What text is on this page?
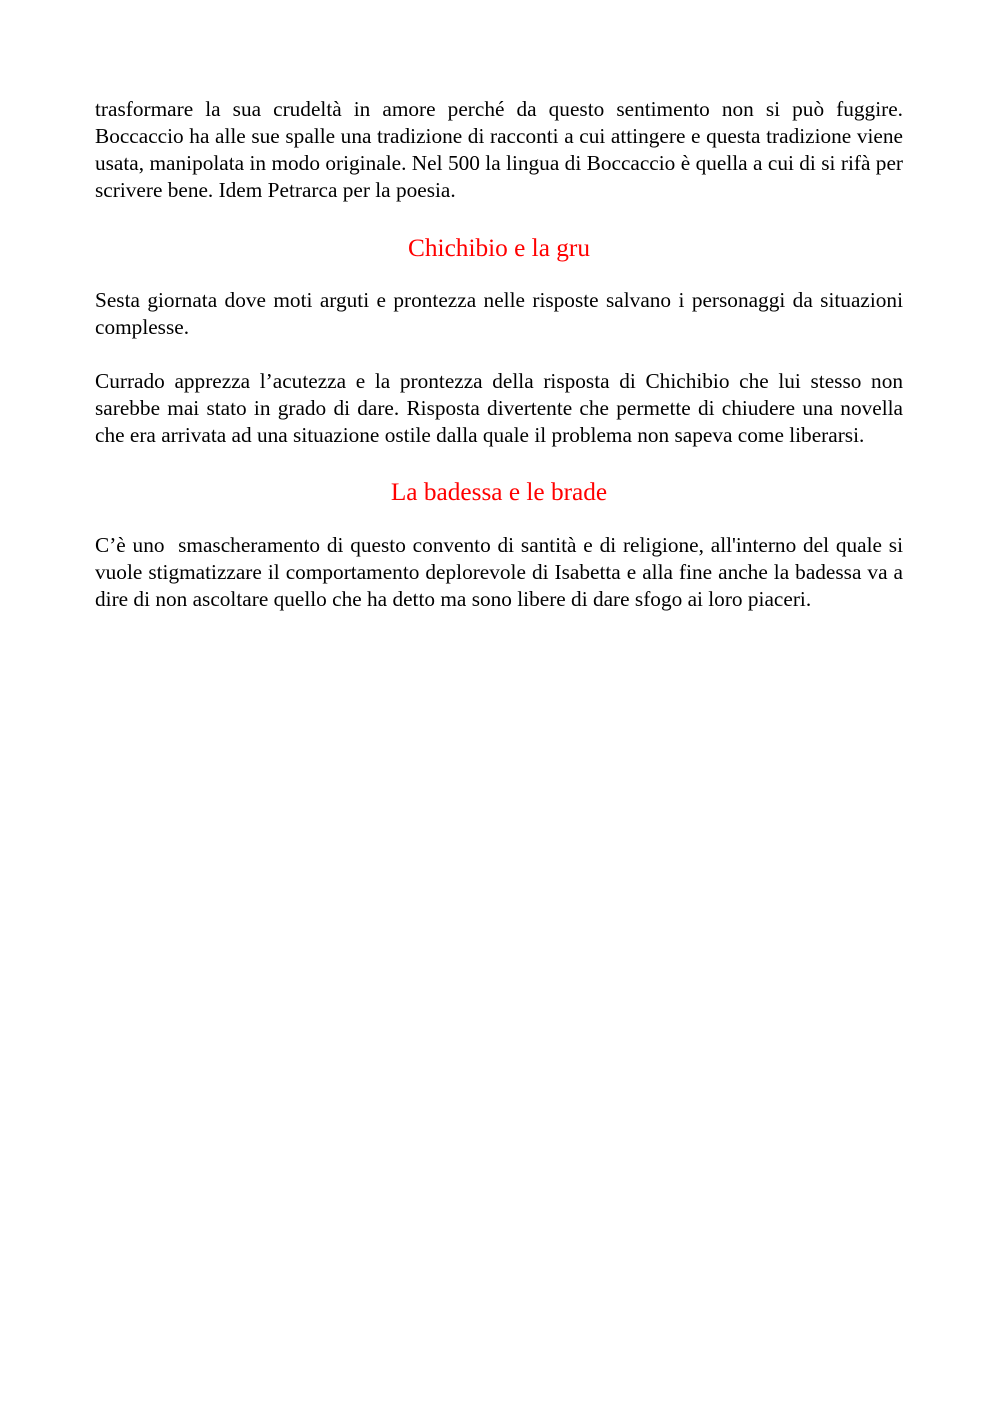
trasformare la sua crudeltà in amore perché da questo sentimento non si può fuggire. Boccaccio ha alle sue spalle una tradizione di racconti a cui attingere e questa tradizione viene usata, manipolata in modo originale. Nel 500 la lingua di Boccaccio è quella a cui di si rifà per scrivere bene. Idem Petrarca per la poesia.

Chichibio e la gru

Sesta giornata dove moti arguti e prontezza nelle risposte salvano i personaggi da situazioni complesse.

Currado apprezza l’acutezza e la prontezza della risposta di Chichibio che lui stesso non sarebbe mai stato in grado di dare. Risposta divertente che permette di chiudere una novella che era arrivata ad una situazione ostile dalla quale il problema non sapeva come liberarsi.

La badessa e le brade

C’è uno  smascheramento di questo convento di santità e di religione, all'interno del quale si vuole stigmatizzare il comportamento deplorevole di Isabetta e alla fine anche la badessa va a dire di non ascoltare quello che ha detto ma sono libere di dare sfogo ai loro piaceri.
